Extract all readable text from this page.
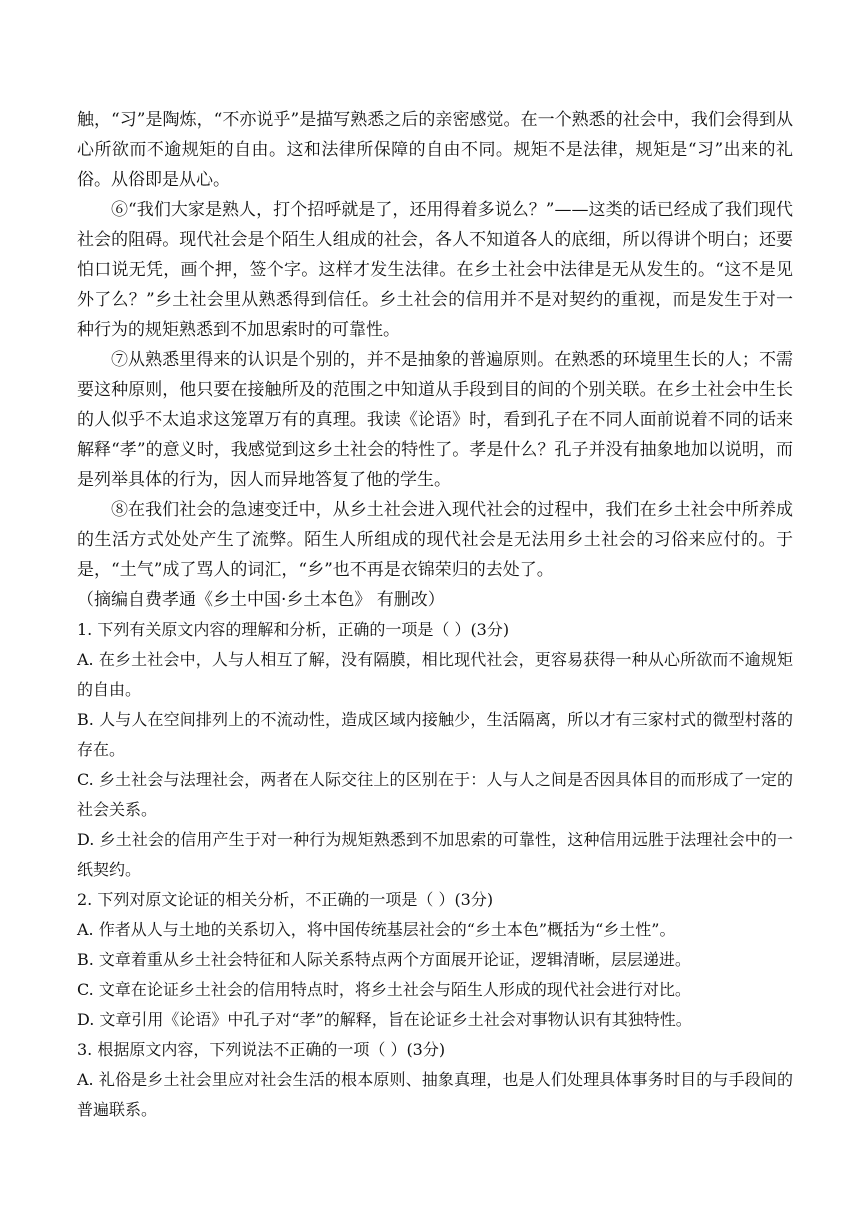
触，“习”是陶炼，“不亦说乎”是描写熟悉之后的亲密感觉。在一个熟悉的社会中，我们会得到从心所欲而不逾规矩的自由。这和法律所保障的自由不同。规矩不是法律，规矩是“习”出来的礼俗。从俗即是从心。

⑥“我们大家是熟人，打个招呼就是了，还用得着多说么？”——这类的话已经成了我们现代社会的阻碍。现代社会是个陌生人组成的社会，各人不知道各人的底细，所以得讲个明白；还要怕口说无凭，画个押，签个字。这样才发生法律。在乡土社会中法律是无从发生的。“这不是见外了么？”乡土社会里从熟悉得到信任。乡土社会的信用并不是对契约的重视，而是发生于对一种行为的规矩熟悉到不加思索时的可靠性。

⑦从熟悉里得来的认识是个别的，并不是抽象的普遍原则。在熟悉的环境里生长的人；不需要这种原则，他只要在接触所及的范围之中知道从手段到目的间的个别关联。在乡土社会中生长的人似乎不太追求这笼罩万有的真理。我读《论语》时，看到孔子在不同人面前说着不同的话来解释“孝”的意义时，我感觉到这乡土社会的特性了。孝是什么？孔子并没有抽象地加以说明，而是列举具体的行为，因人而异地答复了他的学生。

⑧在我们社会的急速变迁中，从乡土社会进入现代社会的过程中，我们在乡土社会中所养成的生活方式处处产生了流弊。陌生人所组成的现代社会是无法用乡土社会的习俗来应付的。于是，“土气”成了骂人的词汇，“乡”也不再是衣锦荣归的去处了。

（摘编自费孝通《乡土中国·乡土本色》 有删改）

1. 下列有关原文内容的理解和分析，正确的一项是（ ）(3分)

A. 在乡土社会中，人与人相互了解，没有隔膜，相比现代社会，更容易获得一种从心所欲而不逾规矩的自由。

B. 人与人在空间排列上的不流动性，造成区域内接触少，生活隔离，所以才有三家村式的微型村落的存在。

C. 乡土社会与法理社会，两者在人际交往上的区别在于：人与人之间是否因具体目的而形成了一定的社会关系。

D. 乡土社会的信用产生于对一种行为规矩熟悉到不加思索的可靠性，这种信用远胜于法理社会中的一纸契约。

2. 下列对原文论证的相关分析，不正确的一项是（ ）(3分)

A. 作者从人与土地的关系切入，将中国传统基层社会的“乡土本色”概括为“乡土性”。

B. 文章着重从乡土社会特征和人际关系特点两个方面展开论证，逻辑清晰，层层递进。

C. 文章在论证乡土社会的信用特点时，将乡土社会与陌生人形成的现代社会进行对比。

D. 文章引用《论语》中孔子对“孝”的解释，旨在论证乡土社会对事物认识有其独特性。

3. 根据原文内容，下列说法不正确的一项（ ）(3分)

A. 礼俗是乡土社会里应对社会生活的根本原则、抽象真理，也是人们处理具体事务时目的与手段间的普遍联系。
